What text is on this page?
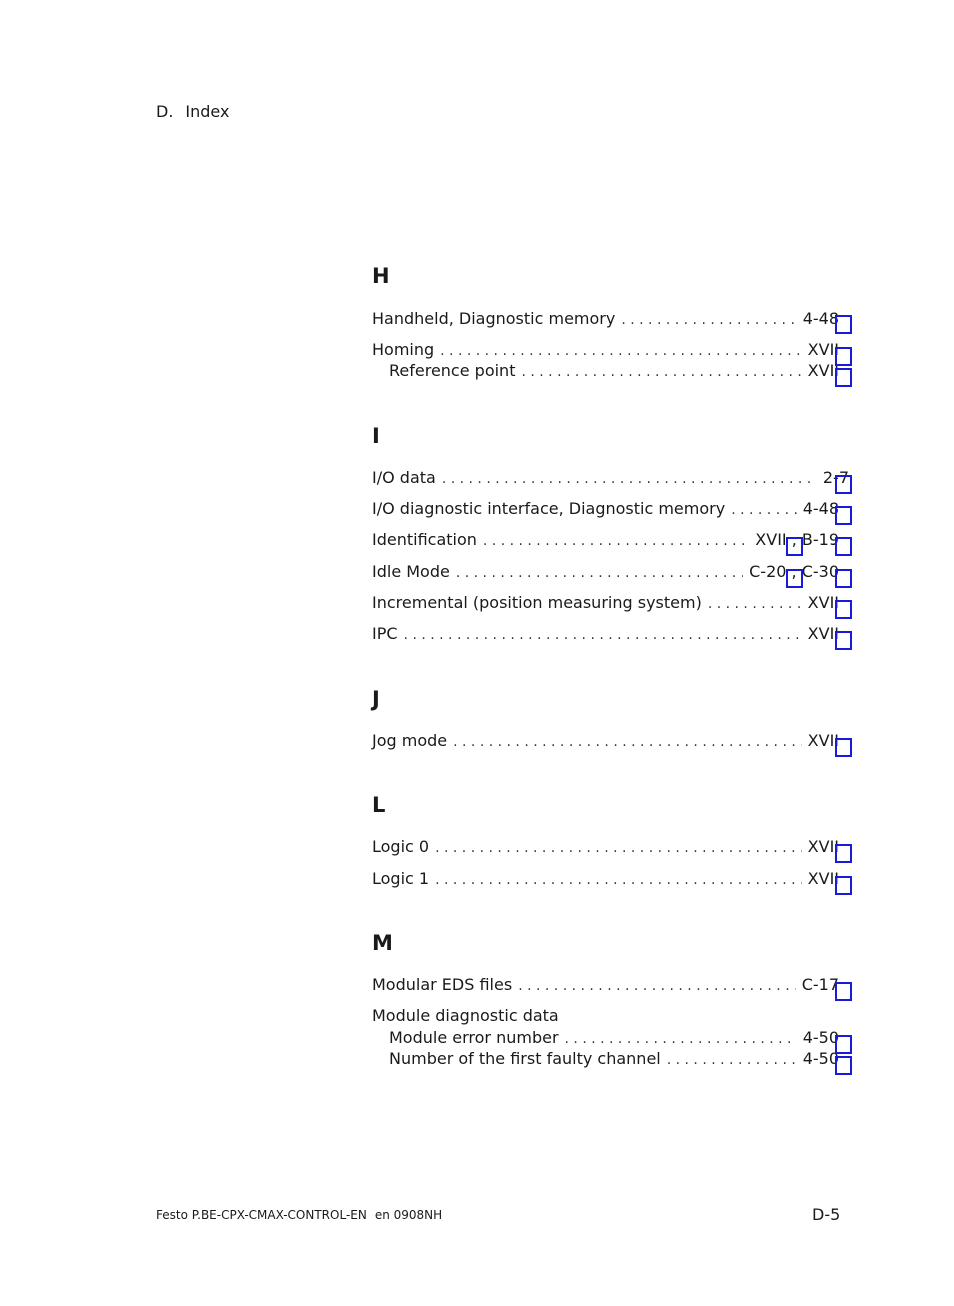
D. Index
H
Handheld, Diagnostic memory . . .	4-48
Homing . . .	XVII
Reference point . . .	XVII
I
I/O data . . .	2-7
I/O diagnostic interface, Diagnostic memory . . .	4-48
Identification . . .	XVII , B-19
Idle Mode . . .	C-20 , C-30
Incremental (position measuring system) . . .	XVII
IPC . . .	XVII
J
Jog mode . . .	XVII
L
Logic 0 . . .	XVII
Logic 1 . . .	XVII
M
Modular EDS files . . .	C-17
Module diagnostic data
Module error number . . .	4-50
Number of the first faulty channel . . .	4-50
Festo P.BE-CPX-CMAX-CONTROL-EN en 0908NH	D-5
